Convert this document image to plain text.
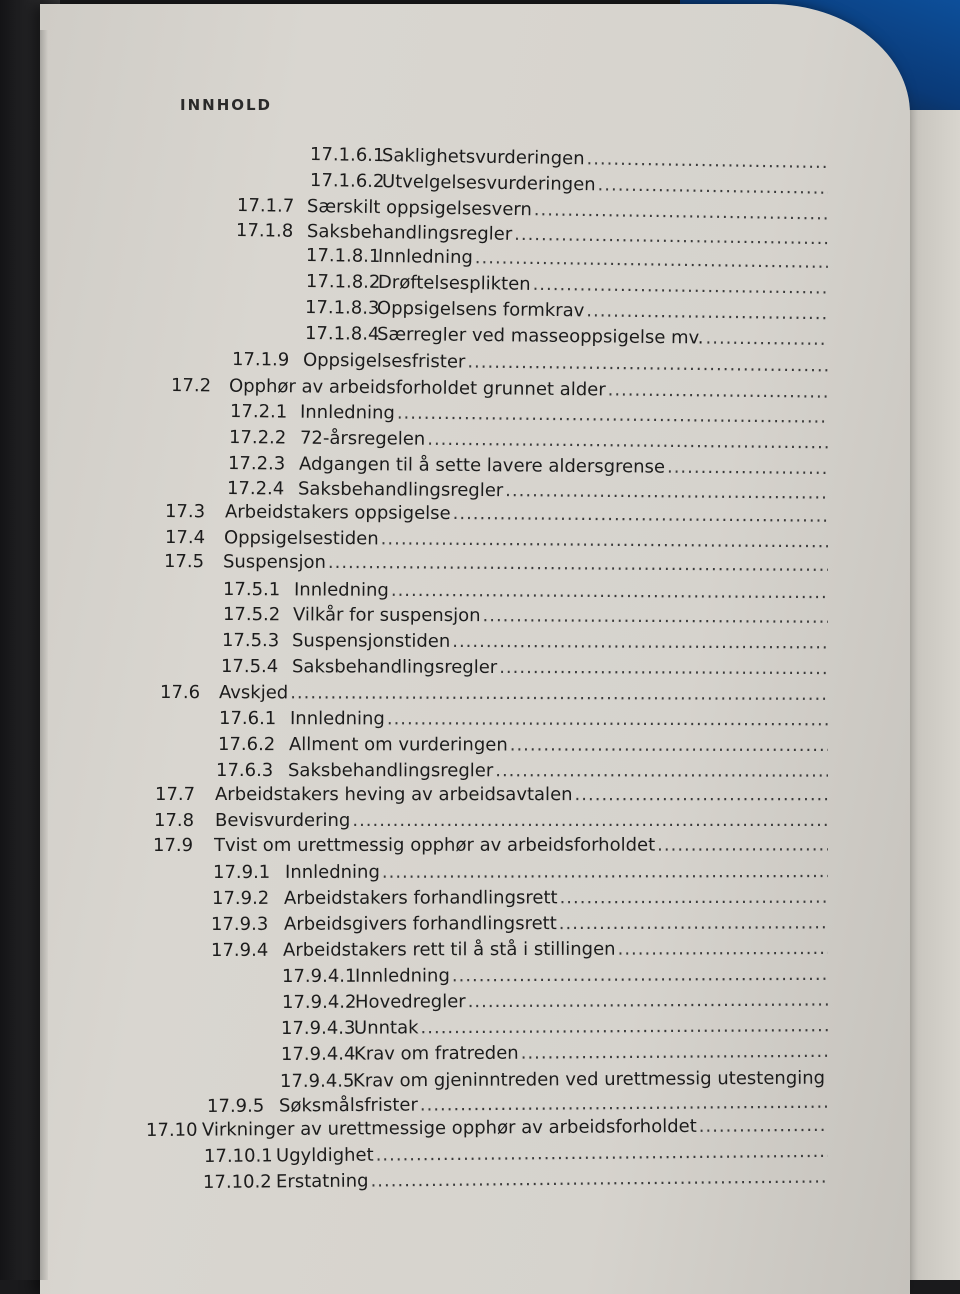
INNHOLD
17.1.6.1
Saklighetsvurderingen
.....
17.1.6.2
Utvelgelsesvurderingen
.....
17.1.7 Særskilt oppsigelsesvern
.....
17.1.8 Saksbehandlingsregler
.....
17.1.8.1
Innledning
.....
17.1.8.2
Drøftelsesplikten
.....
17.1.8.3
Oppsigelsens formkrav
.....
17.1.8.4
Særregler ved masseoppsigelse mv.
.....
17.1.9 Oppsigelsesfrister
.....
17.2 Opphør av arbeidsforholdet grunnet alder
.....
17.2.1 Innledning
.....
17.2.2 72-årsregelen
.....
17.2.3 Adgangen til å sette lavere aldersgrense
.....
17.2.4 Saksbehandlingsregler
.....
17.3 Arbeidstakers oppsigelse
.....
17.4 Oppsigelsestiden
.....
17.5 Suspensjon
.....
17.5.1 Innledning
.....
17.5.2 Vilkår for suspensjon
.....
17.5.3 Suspensjonstiden
.....
17.5.4 Saksbehandlingsregler
.....
17.6 Avskjed
.....
17.6.1 Innledning
.....
17.6.2 Allment om vurderingen
.....
17.6.3 Saksbehandlingsregler
.....
17.7 Arbeidstakers heving av arbeidsavtalen
.....
17.8 Bevisvurdering
.....
17.9 Tvist om urettmessig opphør av arbeidsforholdet
.....
17.9.1 Innledning
.....
17.9.2 Arbeidstakers forhandlingsrett
.....
17.9.3 Arbeidsgivers forhandlingsrett
.....
17.9.4 Arbeidstakers rett til å stå i stillingen
.....
17.9.4.1
Innledning
.....
17.9.4.2
Hovedregler
.....
17.9.4.3
Unntak
.....
17.9.4.4
Krav om fratreden
.....
17.9.4.5
Krav om gjeninntreden ved urettmessig utestenging
.....
17.9.5 Søksmålsfrister
.....
17.10 Virkninger av urettmessige opphør av arbeidsforholdet
.....
17.10.1 Ugyldighet
.....
17.10.2 Erstatning
.....
